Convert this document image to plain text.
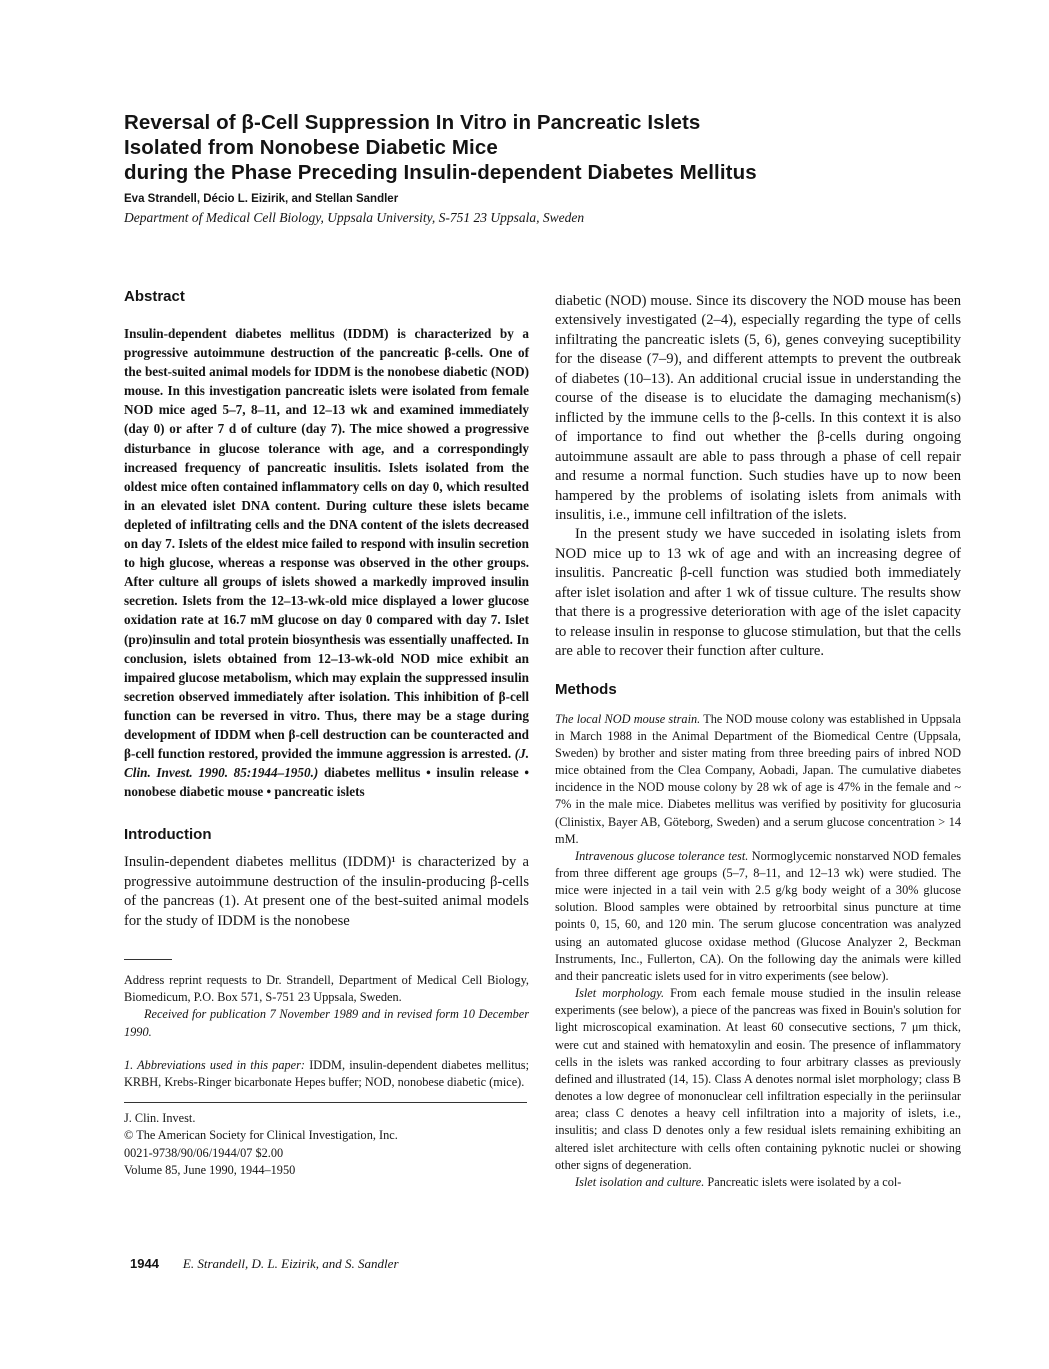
Reversal of β-Cell Suppression In Vitro in Pancreatic Islets
Isolated from Nonobese Diabetic Mice
during the Phase Preceding Insulin-dependent Diabetes Mellitus
Eva Strandell, Décio L. Eizirik, and Stellan Sandler
Department of Medical Cell Biology, Uppsala University, S-751 23 Uppsala, Sweden
Abstract

Insulin-dependent diabetes mellitus (IDDM) is characterized by a progressive autoimmune destruction of the pancreatic β-cells. One of the best-suited animal models for IDDM is the nonobese diabetic (NOD) mouse. In this investigation pancreatic islets were isolated from female NOD mice aged 5–7, 8–11, and 12–13 wk and examined immediately (day 0) or after 7 d of culture (day 7). The mice showed a progressive disturbance in glucose tolerance with age, and a correspondingly increased frequency of pancreatic insulitis. Islets isolated from the oldest mice often contained inflammatory cells on day 0, which resulted in an elevated islet DNA content. During culture these islets became depleted of infiltrating cells and the DNA content of the islets decreased on day 7. Islets of the eldest mice failed to respond with insulin secretion to high glucose, whereas a response was observed in the other groups. After culture all groups of islets showed a markedly improved insulin secretion. Islets from the 12–13-wk-old mice displayed a lower glucose oxidation rate at 16.7 mM glucose on day 0 compared with day 7. Islet (pro)insulin and total protein biosynthesis was essentially unaffected. In conclusion, islets obtained from 12–13-wk-old NOD mice exhibit an impaired glucose metabolism, which may explain the suppressed insulin secretion observed immediately after isolation. This inhibition of β-cell function can be reversed in vitro. Thus, there may be a stage during development of IDDM when β-cell destruction can be counteracted and β-cell function restored, provided the immune aggression is arrested. (J. Clin. Invest. 1990. 85:1944–1950.) diabetes mellitus • insulin release • nonobese diabetic mouse • pancreatic islets

Introduction

Insulin-dependent diabetes mellitus (IDDM)¹ is characterized by a progressive autoimmune destruction of the insulin-producing β-cells of the pancreas (1). At present one of the best-suited animal models for the study of IDDM is the nonobese

Address reprint requests to Dr. Strandell, Department of Medical Cell Biology, Biomedicum, P.O. Box 571, S-751 23 Uppsala, Sweden.

Received for publication 7 November 1989 and in revised form 10 December 1990.

1. Abbreviations used in this paper: IDDM, insulin-dependent diabetes mellitus; KRBH, Krebs-Ringer bicarbonate Hepes buffer; NOD, nonobese diabetic (mice).

J. Clin. Invest.
© The American Society for Clinical Investigation, Inc.
0021-9738/90/06/1944/07 $2.00
Volume 85, June 1990, 1944–1950

diabetic (NOD) mouse. Since its discovery the NOD mouse has been extensively investigated (2–4), especially regarding the type of cells infiltrating the pancreatic islets (5, 6), genes conveying suceptibility for the disease (7–9), and different attempts to prevent the outbreak of diabetes (10–13). An additional crucial issue in understanding the course of the disease is to elucidate the damaging mechanism(s) inflicted by the immune cells to the β-cells. In this context it is also of importance to find out whether the β-cells during ongoing autoimmune assault are able to pass through a phase of cell repair and resume a normal function. Such studies have up to now been hampered by the problems of isolating islets from animals with insulitis, i.e., immune cell infiltration of the islets.

In the present study we have succeded in isolating islets from NOD mice up to 13 wk of age and with an increasing degree of insulitis. Pancreatic β-cell function was studied both immediately after islet isolation and after 1 wk of tissue culture. The results show that there is a progressive deterioration with age of the islet capacity to release insulin in response to glucose stimulation, but that the cells are able to recover their function after culture.

Methods

The local NOD mouse strain. The NOD mouse colony was established in Uppsala in March 1988 in the Animal Department of the Biomedical Centre (Uppsala, Sweden) by brother and sister mating from three breeding pairs of inbred NOD mice obtained from the Clea Company, Aobadi, Japan. The cumulative diabetes incidence in the NOD mouse colony by 28 wk of age is 47% in the female and ~ 7% in the male mice. Diabetes mellitus was verified by positivity for glucosuria (Clinistix, Bayer AB, Göteborg, Sweden) and a serum glucose concentration > 14 mM.

Intravenous glucose tolerance test. Normoglycemic nonstarved NOD females from three different age groups (5–7, 8–11, and 12–13 wk) were studied. The mice were injected in a tail vein with 2.5 g/kg body weight of a 30% glucose solution. Blood samples were obtained by retroorbital sinus puncture at time points 0, 15, 60, and 120 min. The serum glucose concentration was analyzed using an automated glucose oxidase method (Glucose Analyzer 2, Beckman Instruments, Inc., Fullerton, CA). On the following day the animals were killed and their pancreatic islets used for in vitro experiments (see below).

Islet morphology. From each female mouse studied in the insulin release experiments (see below), a piece of the pancreas was fixed in Bouin's solution for light microscopical examination. At least 60 consecutive sections, 7 μm thick, were cut and stained with hematoxylin and eosin. The presence of inflammatory cells in the islets was ranked according to four arbitrary classes as previously defined and illustrated (14, 15). Class A denotes normal islet morphology; class B denotes a low degree of mononuclear cell infiltration especially in the periinsular area; class C denotes a heavy cell infiltration into a majority of islets, i.e., insulitis; and class D denotes only a few residual islets remaining exhibiting an altered islet architecture with cells often containing pyknotic nuclei or showing other signs of degeneration.

Islet isolation and culture. Pancreatic islets were isolated by a col-

1944 E. Strandell, D. L. Eizirik, and S. Sandler
